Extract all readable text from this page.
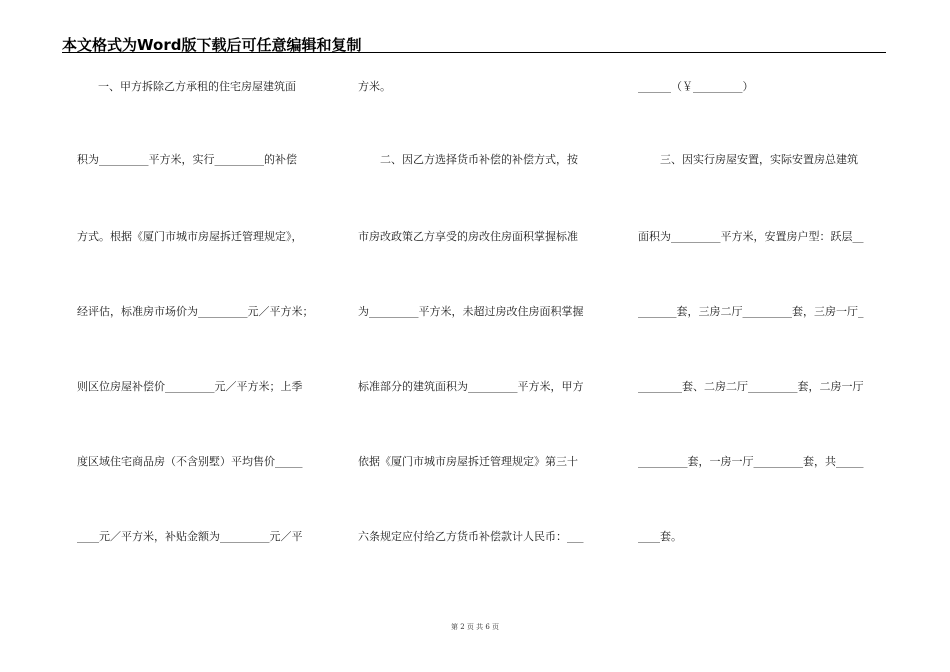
本文格式为Word版下载后可任意编辑和复制
一、甲方拆除乙方承租的住宅房屋建筑面
积为_________平方米，实行_________的补偿
方式。根据《厦门市城市房屋拆迁管理规定》，
经评估，标准房市场价为_________元／平方米；
则区位房屋补偿价_________元／平方米；上季
度区域住宅商品房（不含别墅）平均售价_____
____元／平方米，补贴金额为_________元／平
方米。
二、因乙方选择货币补偿的补偿方式，按
市房改政策乙方享受的房改住房面积掌握标准
为_________平方米，未超过房改住房面积掌握
标准部分的建筑面积为_________平方米，甲方
依据《厦门市城市房屋拆迁管理规定》第三十
六条规定应付给乙方货币补偿款计人民币：___
______（￥_________）
三、因实行房屋安置，实际安置房总建筑
面积为_________平方米，安置房户型：跃层__
_______套，三房二厅_________套，三房一厅_
________套、二房二厅_________套，二房一厅
_________套，一房一厅_________套，共_____
____套。
第 2 页 共 6 页
